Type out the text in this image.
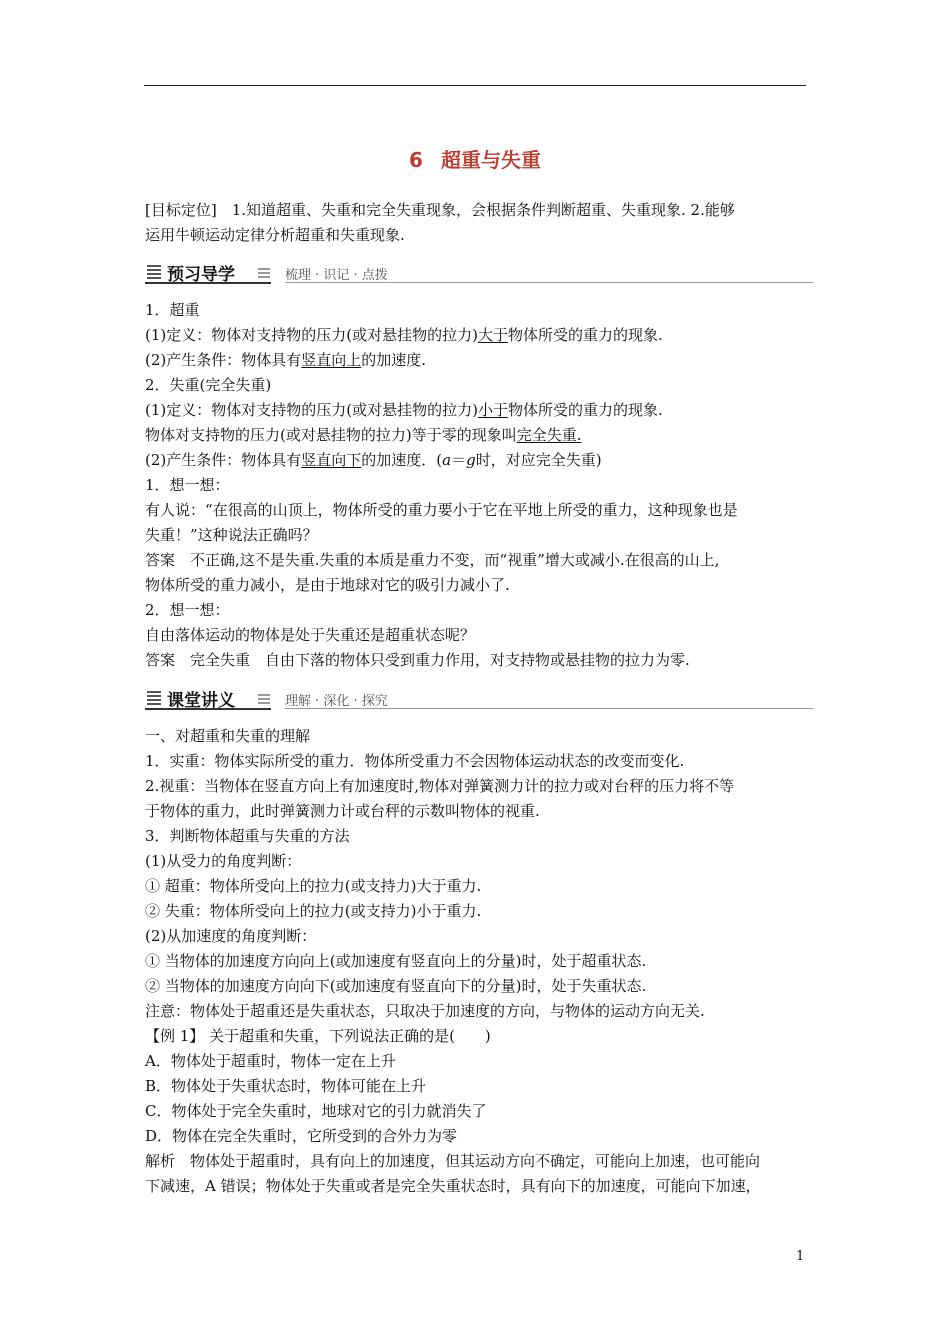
6 超重与失重
[目标定位]　1.知道超重、失重和完全失重现象，会根据条件判断超重、失重现象. 2.能够
运用牛顿运动定律分析超重和失重现象.
预习导学	梳理 · 识记 · 点拨
1．超重
(1)定义：物体对支持物的压力(或对悬挂物的拉力)大于物体所受的重力的现象.
(2)产生条件：物体具有竖直向上的加速度.
2．失重(完全失重)
(1)定义：物体对支持物的压力(或对悬挂物的拉力)小于物体所受的重力的现象.
物体对支持物的压力(或对悬挂物的拉力)等于零的现象叫完全失重.
(2)产生条件：物体具有竖直向下的加速度．(a＝g时，对应完全失重)
1．想一想：
有人说：“在很高的山顶上，物体所受的重力要小于它在平地上所受的重力，这种现象也是
失重！”这种说法正确吗？
答案　不正确,这不是失重.失重的本质是重力不变，而“视重”增大或减小.在很高的山上,
物体所受的重力减小，是由于地球对它的吸引力减小了.
2．想一想：
自由落体运动的物体是处于失重还是超重状态呢？
答案　完全失重　自由下落的物体只受到重力作用，对支持物或悬挂物的拉力为零.
课堂讲义	理解 · 深化 · 探究
一、对超重和失重的理解
1．实重：物体实际所受的重力．物体所受重力不会因物体运动状态的改变而变化.
2.视重：当物体在竖直方向上有加速度时,物体对弹簧测力计的拉力或对台秤的压力将不等
于物体的重力，此时弹簧测力计或台秤的示数叫物体的视重.
3．判断物体超重与失重的方法
(1)从受力的角度判断：
① 超重：物体所受向上的拉力(或支持力)大于重力.
② 失重：物体所受向上的拉力(或支持力)小于重力.
(2)从加速度的角度判断：
① 当物体的加速度方向向上(或加速度有竖直向上的分量)时，处于超重状态.
② 当物体的加速度方向向下(或加速度有竖直向下的分量)时，处于失重状态.
注意：物体处于超重还是失重状态，只取决于加速度的方向，与物体的运动方向无关.
【例 1】 关于超重和失重，下列说法正确的是(　　)
A．物体处于超重时，物体一定在上升
B．物体处于失重状态时，物体可能在上升
C．物体处于完全失重时，地球对它的引力就消失了
D．物体在完全失重时，它所受到的合外力为零
解析　物体处于超重时，具有向上的加速度，但其运动方向不确定，可能向上加速，也可能向
下减速，A 错误；物体处于失重或者是完全失重状态时，具有向下的加速度，可能向下加速，
1
